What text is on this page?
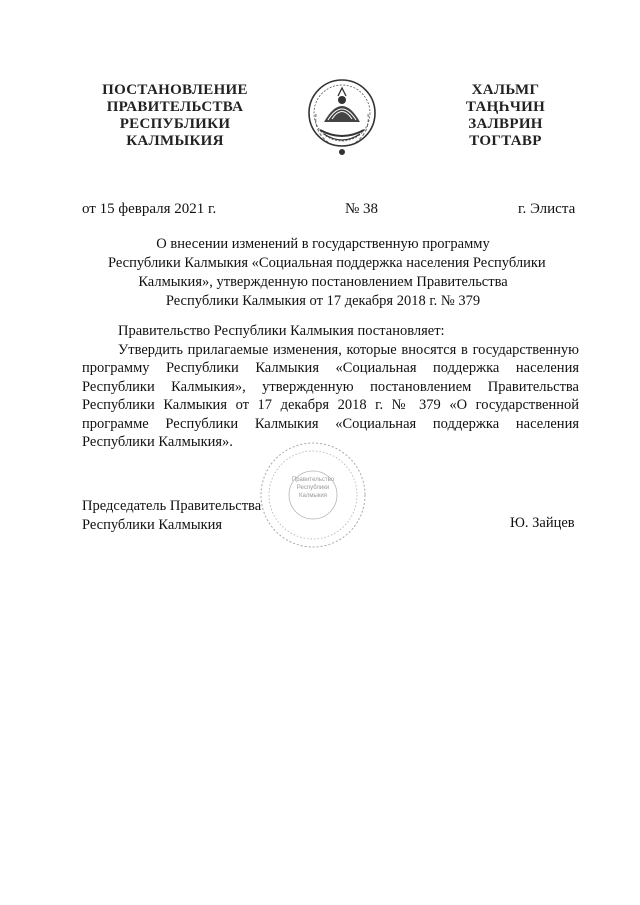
ПОСТАНОВЛЕНИЕ
ПРАВИТЕЛЬСТВА
РЕСПУБЛИКИ
КАЛМЫКИЯ
ХАЛЬМГ
ТАҢҺЧИН
ЗАЛВРИН
ТОГТАВР
от 15 февраля 2021 г.	№ 38	г. Элиста
О внесении изменений в государственную программу
Республики Калмыкия «Социальная поддержка населения Республики
Калмыкия», утвержденную постановлением Правительства
Республики Калмыкия от 17 декабря 2018 г. № 379

Правительство Республики Калмыкия постановляет:

Утвердить прилагаемые изменения, которые вносятся в государственную программу Республики Калмыкия «Социальная поддержка населения Республики Калмыкия», утвержденную постановлением Правительства Республики Калмыкия от 17 декабря 2018 г. № 379 «О государственной программе Республики Калмыкия «Социальная поддержка населения Республики Калмыкия».

Правительство
Республики
Калмыкия
Председатель Правительства
Республики Калмыкия	Ю. Зайцев
